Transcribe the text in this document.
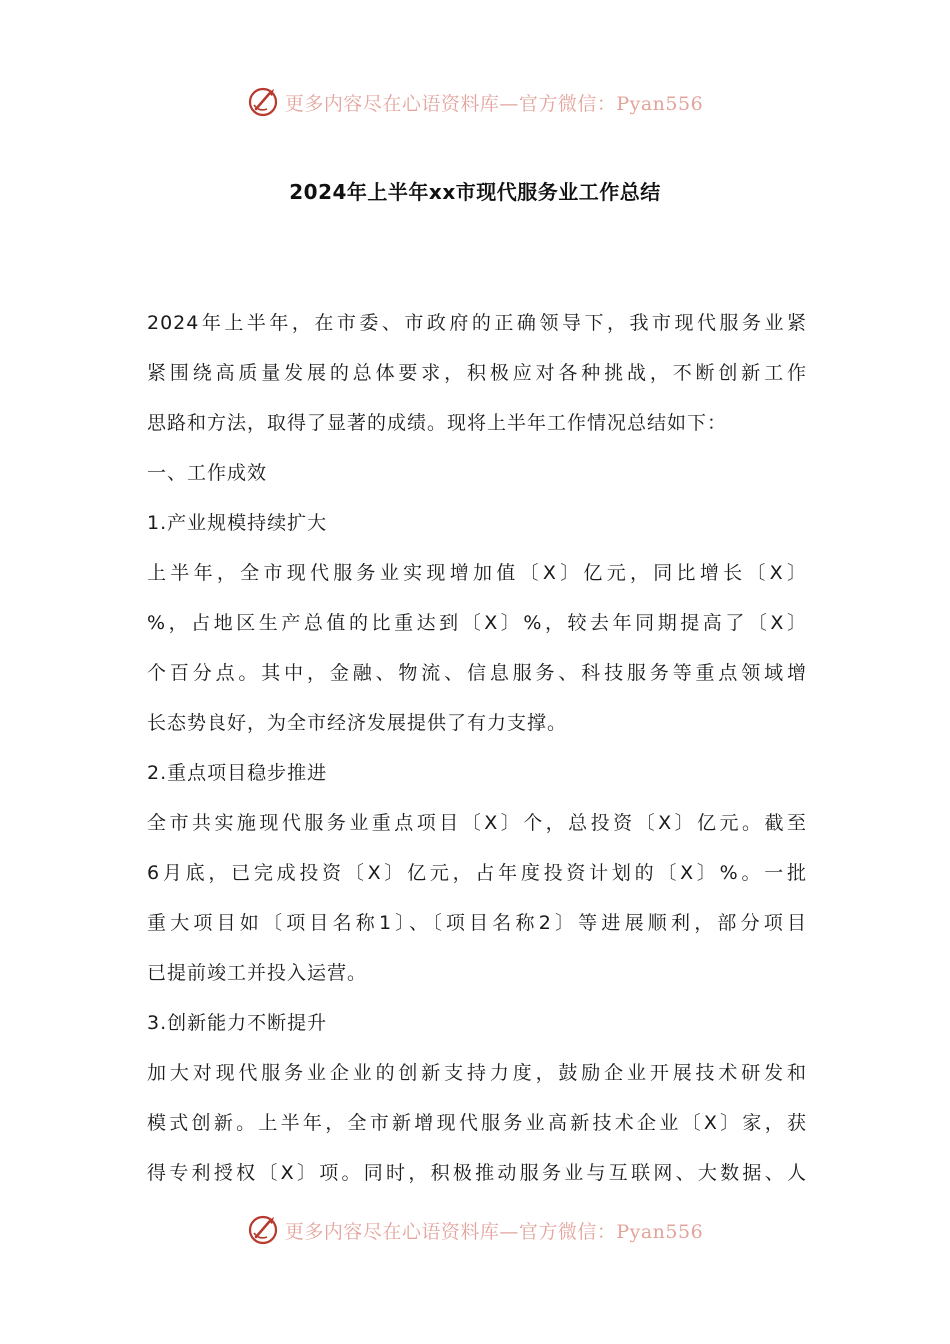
更多内容尽在心语资料库—官方微信：Pyan556
2024年上半年xx市现代服务业工作总结
2024年上半年，在市委、市政府的正确领导下，我市现代服务业紧
紧围绕高质量发展的总体要求，积极应对各种挑战，不断创新工作
思路和方法，取得了显著的成绩。现将上半年工作情况总结如下：
一、工作成效
1.产业规模持续扩大
上半年，全市现代服务业实现增加值〔X〕亿元，同比增长〔X〕
%，占地区生产总值的比重达到〔X〕%，较去年同期提高了〔X〕
个百分点。其中，金融、物流、信息服务、科技服务等重点领域增
长态势良好，为全市经济发展提供了有力支撑。
2.重点项目稳步推进
全市共实施现代服务业重点项目〔X〕个，总投资〔X〕亿元。截至
6月底，已完成投资〔X〕亿元，占年度投资计划的〔X〕%。一批
重大项目如〔项目名称1〕、〔项目名称2〕等进展顺利，部分项目
已提前竣工并投入运营。
3.创新能力不断提升
加大对现代服务业企业的创新支持力度，鼓励企业开展技术研发和
模式创新。上半年，全市新增现代服务业高新技术企业〔X〕家，获
得专利授权〔X〕项。同时，积极推动服务业与互联网、大数据、人
更多内容尽在心语资料库—官方微信：Pyan556
